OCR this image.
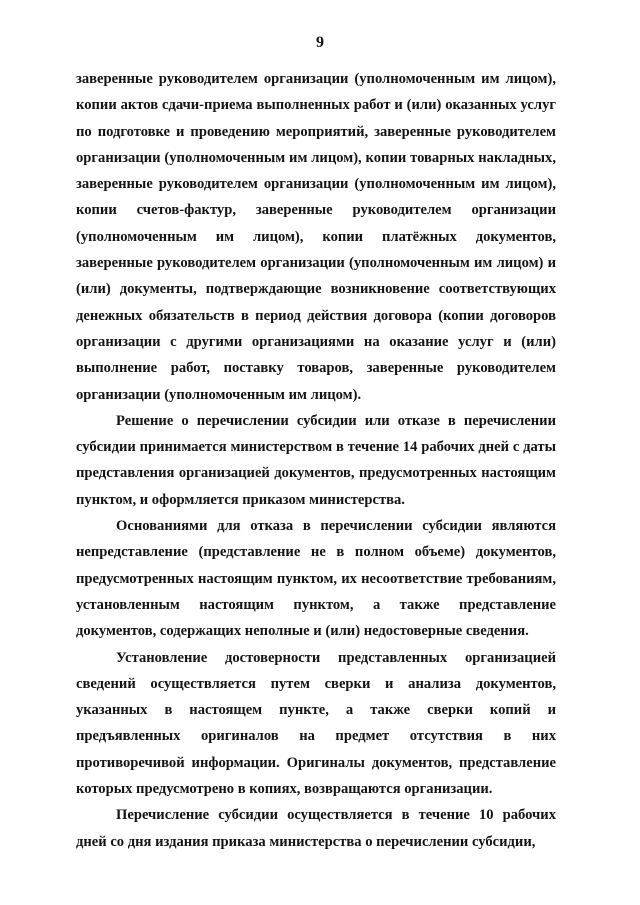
9

заверенные руководителем организации (уполномоченным им лицом), копии актов сдачи-приема выполненных работ и (или) оказанных услуг по подготовке и проведению мероприятий, заверенные руководителем организации (уполномоченным им лицом), копии товарных накладных, заверенные руководителем организации (уполномоченным им лицом), копии счетов-фактур, заверенные руководителем организации (уполномоченным им лицом), копии платёжных документов, заверенные руководителем организации (уполномоченным им лицом) и (или) документы, подтверждающие возникновение соответствующих денежных обязательств в период действия договора (копии договоров организации с другими организациями на оказание услуг и (или) выполнение работ, поставку товаров, заверенные руководителем организации (уполномоченным им лицом).

Решение о перечислении субсидии или отказе в перечислении субсидии принимается министерством в течение 14 рабочих дней с даты представления организацией документов, предусмотренных настоящим пунктом, и оформляется приказом министерства.

Основаниями для отказа в перечислении субсидии являются непредставление (представление не в полном объеме) документов, предусмотренных настоящим пунктом, их несоответствие требованиям, установленным настоящим пунктом, а также представление документов, содержащих неполные и (или) недостоверные сведения.

Установление достоверности представленных организацией сведений осуществляется путем сверки и анализа документов, указанных в настоящем пункте, а также сверки копий и предъявленных оригиналов на предмет отсутствия в них противоречивой информации. Оригиналы документов, представление которых предусмотрено в копиях, возвращаются организации.

Перечисление субсидии осуществляется в течение 10 рабочих дней со дня издания приказа министерства о перечислении субсидии,
